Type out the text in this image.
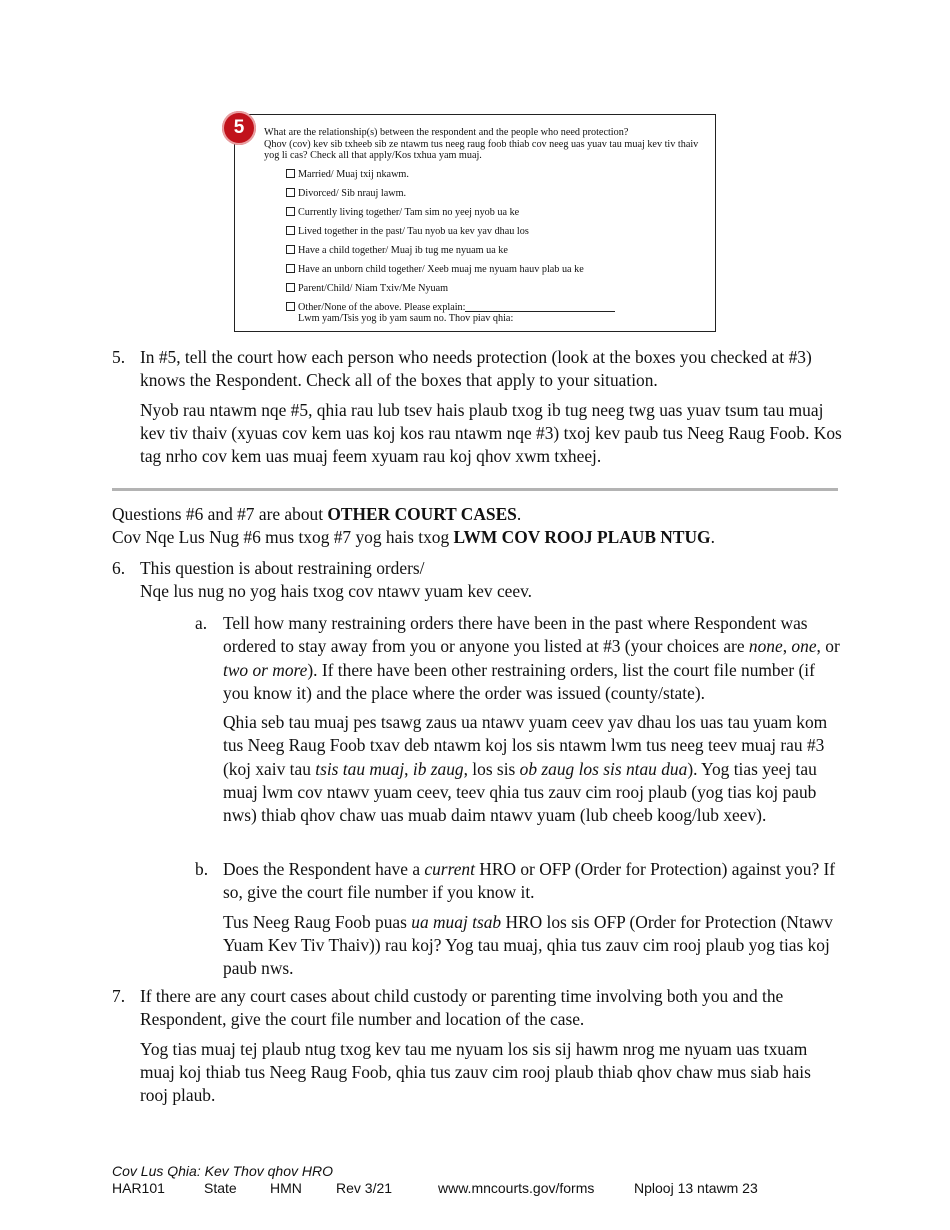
5	What are the relationship(s) between the respondent and the people who need protection?
Qhov (cov) kev sib txheeb sib ze ntawm tus neeg raug foob thiab cov neeg uas yuav tau muaj kev tiv thaiv yog li cas? Check all that apply/Kos txhua yam muaj.
Married/ Muaj txij nkawm.
Divorced/ Sib nrauj lawm.
Currently living together/ Tam sim no yeej nyob ua ke
Lived together in the past/ Tau nyob ua kev yav dhau los
Have a child together/ Muaj ib tug me nyuam ua ke
Have an unborn child together/ Xeeb muaj me nyuam hauv plab ua ke
Parent/Child/ Niam Txiv/Me Nyuam
Other/None of the above. Please explain:
Lwm yam/Tsis yog ib yam saum no. Thov piav qhia:
5. In #5, tell the court how each person who needs protection (look at the boxes you checked at #3) knows the Respondent. Check all of the boxes that apply to your situation.
Nyob rau ntawm nqe #5, qhia rau lub tsev hais plaub txog ib tug neeg twg uas yuav tsum tau muaj kev tiv thaiv (xyuas cov kem uas koj kos rau ntawm nqe #3) txoj kev paub tus Neeg Raug Foob. Kos tag nrho cov kem uas muaj feem xyuam rau koj qhov xwm txheej.
Questions #6 and #7 are about OTHER COURT CASES.
Cov Nqe Lus Nug #6 mus txog #7 yog hais txog LWM COV ROOJ PLAUB NTUG.
6. This question is about restraining orders/
Nqe lus nug no yog hais txog cov ntawv yuam kev ceev.
a. Tell how many restraining orders there have been in the past where Respondent was ordered to stay away from you or anyone you listed at #3 (your choices are none, one, or two or more). If there have been other restraining orders, list the court file number (if you know it) and the place where the order was issued (county/state).
Qhia seb tau muaj pes tsawg zaus ua ntawv yuam ceev yav dhau los uas tau yuam kom tus Neeg Raug Foob txav deb ntawm koj los sis ntawm lwm tus neeg teev muaj rau #3 (koj xaiv tau tsis tau muaj, ib zaug, los sis ob zaug los sis ntau dua). Yog tias yeej tau muaj lwm cov ntawv yuam ceev, teev qhia tus zauv cim rooj plaub (yog tias koj paub nws) thiab qhov chaw uas muab daim ntawv yuam (lub cheeb koog/lub xeev).
b. Does the Respondent have a current HRO or OFP (Order for Protection) against you? If so, give the court file number if you know it.
Tus Neeg Raug Foob puas ua muaj tsab HRO los sis OFP (Order for Protection (Ntawv Yuam Kev Tiv Thaiv)) rau koj? Yog tau muaj, qhia tus zauv cim rooj plaub yog tias koj paub nws.
7. If there are any court cases about child custody or parenting time involving both you and the Respondent, give the court file number and location of the case.
Yog tias muaj tej plaub ntug txog kev tau me nyuam los sis sij hawm nrog me nyuam uas txuam muaj koj thiab tus Neeg Raug Foob, qhia tus zauv cim rooj plaub thiab qhov chaw mus siab hais rooj plaub.
Cov Lus Qhia: Kev Thov qhov HRO
HAR101	State HMN Rev 3/21	www.mncourts.gov/forms	Nplooj 13 ntawm 23
